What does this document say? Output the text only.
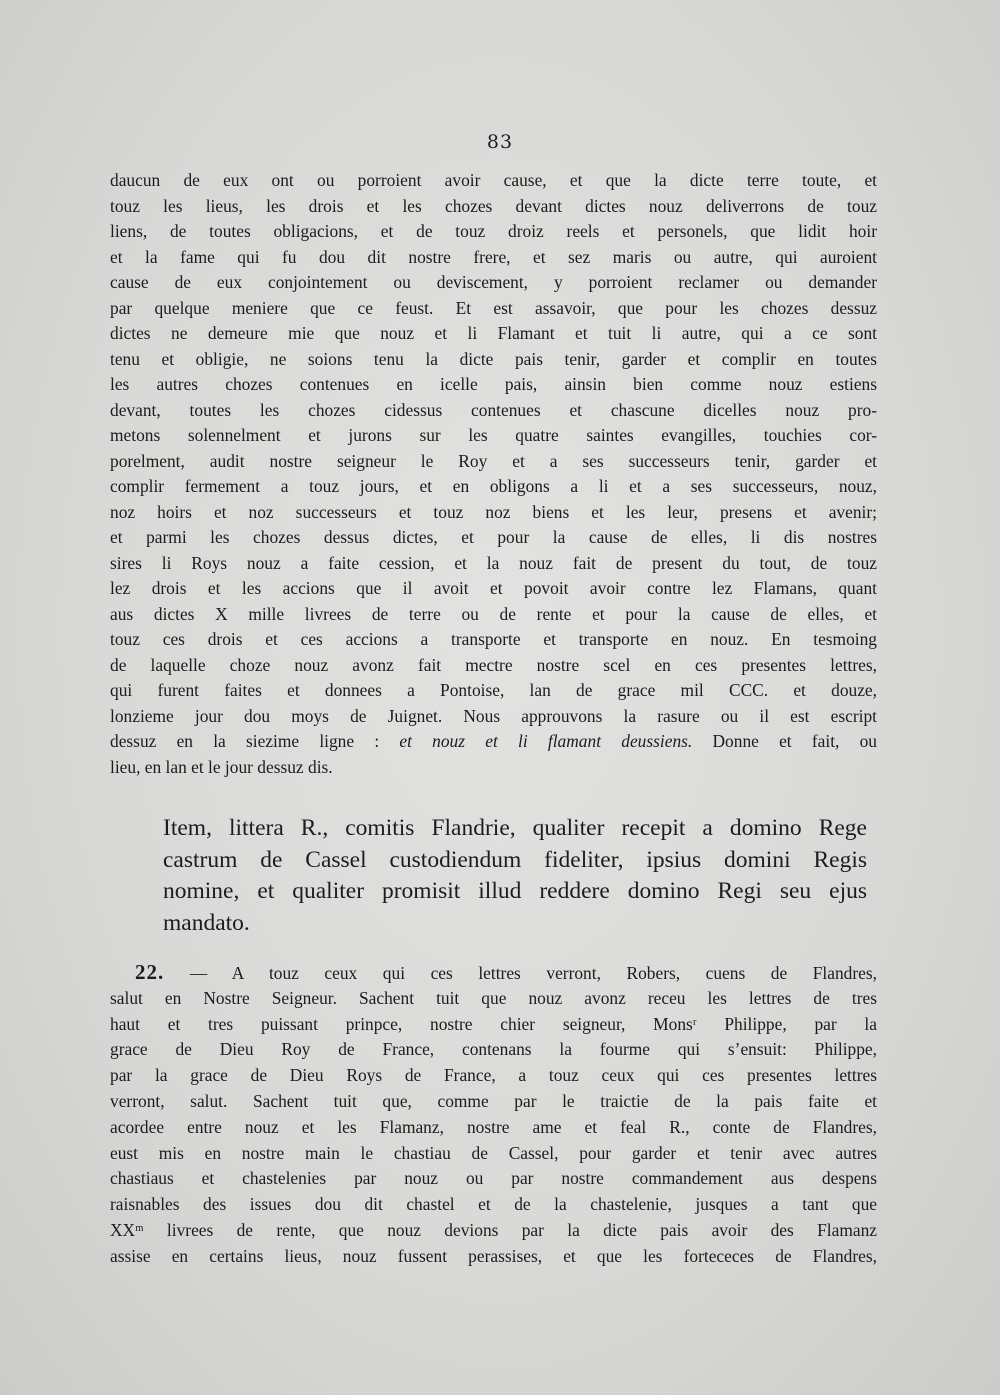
83
daucun de eux ont ou porroient avoir cause, et que la dicte terre toute, et
touz les lieus, les drois et les chozes devant dictes nouz deliverrons de touz
liens, de toutes obligacions, et de touz droiz reels et personels, que lidit hoir
et la fame qui fu dou dit nostre frere, et sez maris ou autre, qui auroient
cause de eux conjointement ou deviscement, y porroient reclamer ou demander
par quelque meniere que ce feust. Et est assavoir, que pour les chozes dessuz
dictes ne demeure mie que nouz et li Flamant et tuit li autre, qui a ce sont
tenu et obligie, ne soions tenu la dicte pais tenir, garder et complir en toutes
les autres chozes contenues en icelle pais, ainsin bien comme nouz estiens
devant, toutes les chozes cidessus contenues et chascune dicelles nouz pro-
metons solennelment et jurons sur les quatre saintes evangilles, touchies cor-
porelment, audit nostre seigneur le Roy et a ses successeurs tenir, garder et
complir fermement a touz jours, et en obligons a li et a ses successeurs, nouz,
noz hoirs et noz successeurs et touz noz biens et les leur, presens et avenir;
et parmi les chozes dessus dictes, et pour la cause de elles, li dis nostres
sires li Roys nouz a faite cession, et la nouz fait de present du tout, de touz
lez drois et les accions que il avoit et povoit avoir contre lez Flamans, quant
aus dictes X mille livrees de terre ou de rente et pour la cause de elles, et
touz ces drois et ces accions a transporte et transporte en nouz. En tesmoing
de laquelle choze nouz avonz fait mectre nostre scel en ces presentes lettres,
qui furent faites et donnees a Pontoise, lan de grace mil CCC. et douze,
lonzieme jour dou moys de Juignet. Nous approuvons la rasure ou il est escript
dessuz en la siezime ligne : et nouz et li flamant deussiens. Donne et fait, ou
lieu, en lan et le jour dessuz dis.
Item, littera R., comitis Flandrie, qualiter recepit a domino Rege
castrum de Cassel custodiendum fideliter, ipsius domini Regis
nomine, et qualiter promisit illud reddere domino Regi seu ejus
mandato.
22. — A touz ceux qui ces lettres verront, Robers, cuens de Flandres,
salut en Nostre Seigneur. Sachent tuit que nouz avonz receu les lettres de tres
haut et tres puissant prinpce, nostre chier seigneur, Monsʳ Philippe, par la
grace de Dieu Roy de France, contenans la fourme qui s’ensuit: Philippe,
par la grace de Dieu Roys de France, a touz ceux qui ces presentes lettres
verront, salut. Sachent tuit que, comme par le traictie de la pais faite et
acordee entre nouz et les Flamanz, nostre ame et feal R., conte de Flandres,
eust mis en nostre main le chastiau de Cassel, pour garder et tenir avec autres
chastiaus et chastelenies par nouz ou par nostre commandement aus despens
raisnables des issues dou dit chastel et de la chastelenie, jusques a tant que
XXᵐ livrees de rente, que nouz devions par la dicte pais avoir des Flamanz
assise en certains lieus, nouz fussent perassises, et que les fortececes de Flandres,
